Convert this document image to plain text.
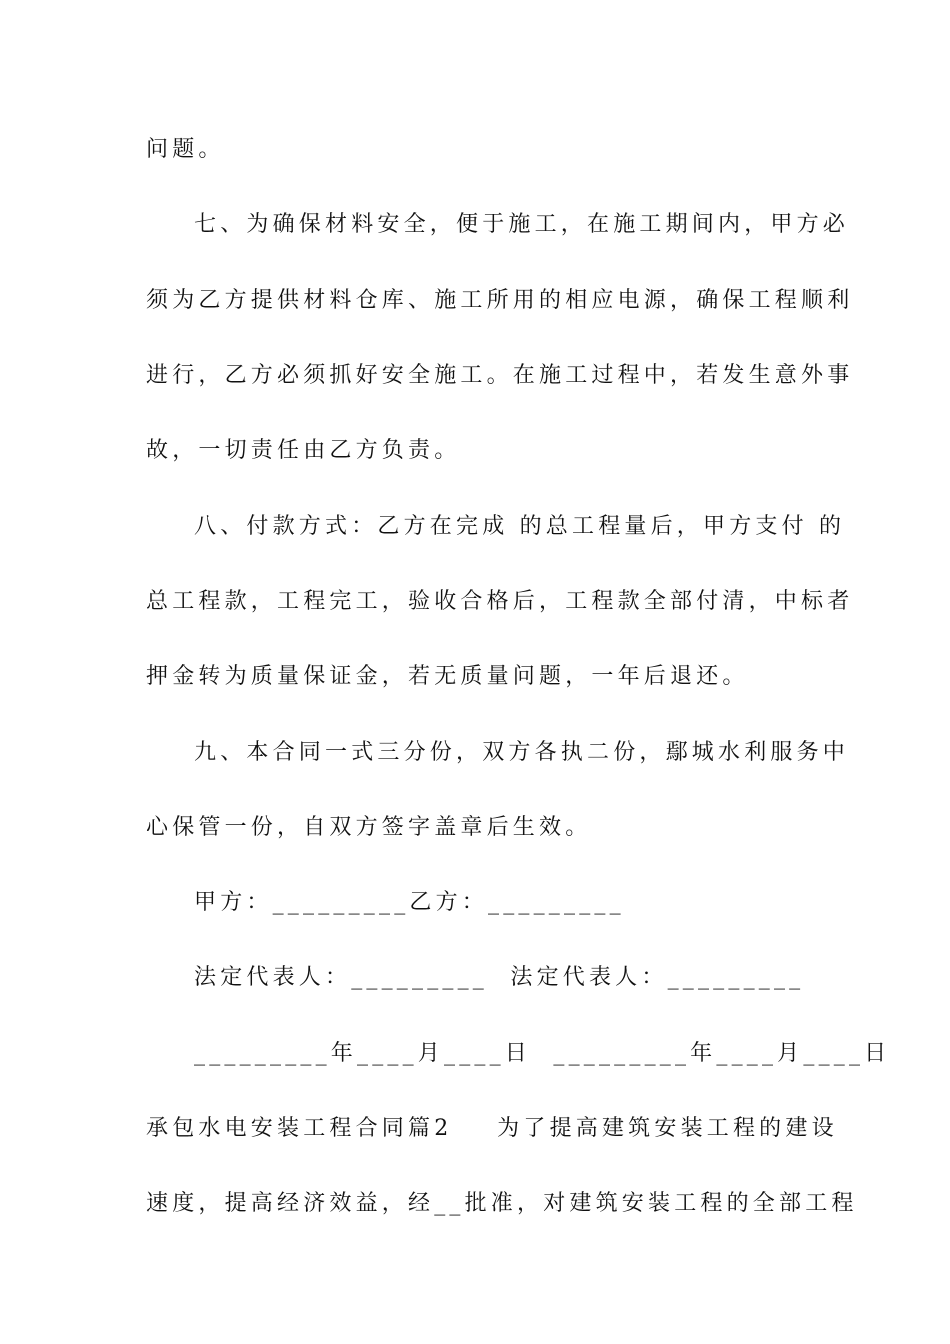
问题。
七、为确保材料安全，便于施工，在施工期间内，甲方必
须为乙方提供材料仓库、施工所用的相应电源，确保工程顺利
进行，乙方必须抓好安全施工。在施工过程中，若发生意外事
故，一切责任由乙方负责。
八、付款方式：乙方在完成 的总工程量后，甲方支付 的
总工程款，工程完工，验收合格后，工程款全部付清，中标者
押金转为质量保证金，若无质量问题，一年后退还。
九、本合同一式三分份，双方各执二份，鄢城水利服务中
心保管一份，自双方签字盖章后生效。
甲方：_________乙方：_________
法定代表人：_________  法定代表人：_________
_________年____月____日  _________年____月____日
承包水电安装工程合同篇2    为了提高建筑安装工程的建设
速度，提高经济效益，经__批准，对建筑安装工程的全部工程
